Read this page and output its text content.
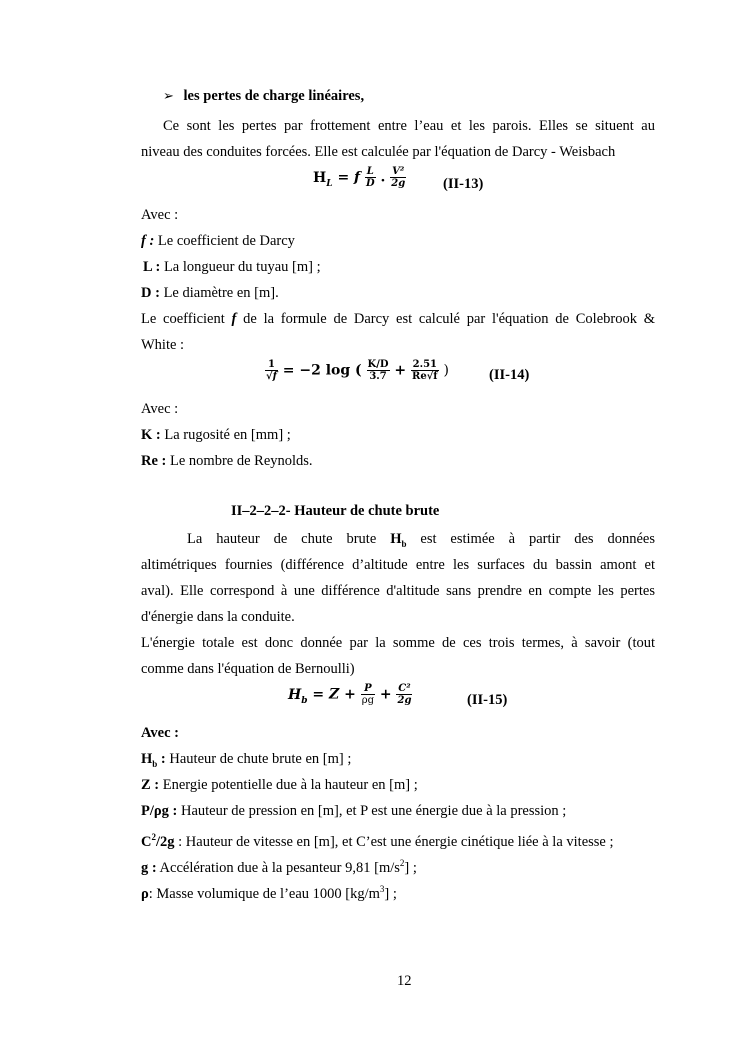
➢ les pertes de charge linéaires,
Ce sont les pertes par frottement entre l’eau et les parois. Elles se situent au
niveau des conduites forcées. Elle est calculée par l'équation de Darcy - Weisbach
$H_L = f \frac{L}{D}$ . $\frac{\text{V²}}{2g}$	(II-13)
Avec :
f : Le coefficient de Darcy
L : La longueur du tuyau [m] ;
D : Le diamètre en [m].
Le coefficient f de la formule de Darcy est calculé par l'équation de Colebrook &
White :
$\frac{1}{√f} = -2$ log ( $\frac{K/D}{3.7} + \frac{2.51}{Re√f}$ )	(II-14)
Avec :
K : La rugosité en [mm] ;
Re : Le nombre de Reynolds.
II–2–2–2- Hauteur de chute brute
La hauteur de chute brute $H_b$ est estimée à partir des données
altimétriques fournies (différence d’altitude entre les surfaces du bassin amont et
aval). Elle correspond à une différence d'altitude sans prendre en compte les pertes
d'énergie dans la conduite.
L'énergie totale est donc donnée par la somme de ces trois termes, à savoir (tout
comme dans l'équation de Bernoulli)
$H_b = Z + \frac{P}{\rho g} + \frac{\text{C²}}{2g}$	(II-15)
Avec :
$H_b$ : Hauteur de chute brute en [m] ;
Z : Energie potentielle due à la hauteur en [m] ;
P/ρg : Hauteur de pression en [m], et P est une énergie due à la pression ;
$C^2/2g$ : Hauteur de vitesse en [m], et C’est une énergie cinétique liée à la vitesse ;
g : Accélération due à la pesanteur 9,81 $[m/s^2]$ ;
ρ: Masse volumique de l’eau 1000 $[kg/m^3]$ ;
12
